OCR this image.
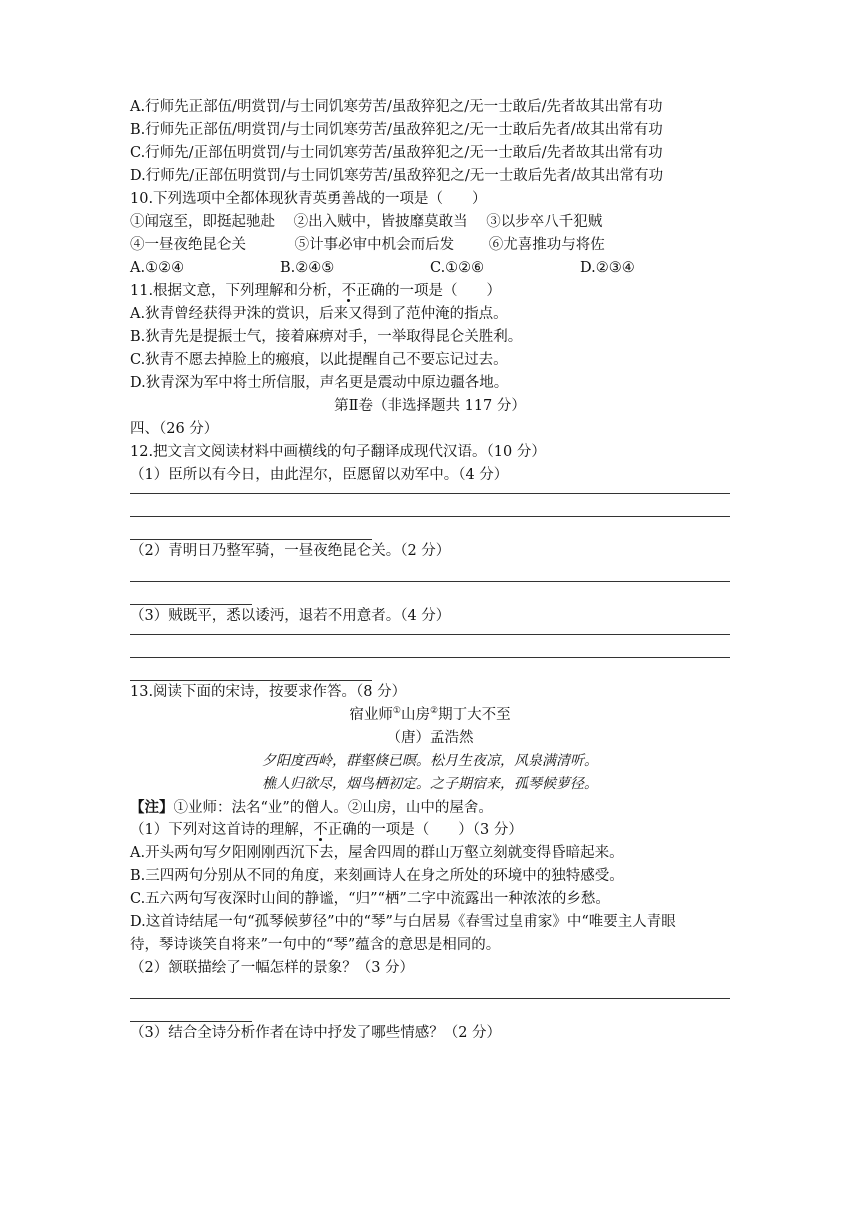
A.行师先正部伍/明赏罚/与士同饥寒劳苦/虽敌猝犯之/无一士敢后/先者故其出常有功
B.行师先正部伍/明赏罚/与士同饥寒劳苦/虽敌猝犯之/无一士敢后先者/故其出常有功
C.行师先/正部伍明赏罚/与士同饥寒劳苦/虽敌猝犯之/无一士敢后/先者故其出常有功
D.行师先/正部伍明赏罚/与士同饥寒劳苦/虽敌猝犯之/无一士敢后先者/故其出常有功
10.下列选项中全都体现狄青英勇善战的一项是（　　）
①闻寇至，即挺起驰赴 ②出入贼中，皆披靡莫敢当 ③以步卒八千犯贼
④一昼夜绝昆仑关	⑤计事必审中机会而后发 ⑥尤喜推功与将佐
A.①②④	B.②④⑤	C.①②⑥	D.②③④
11.根据文意，下列理解和分析，不正确的一项是（　　）
A.狄青曾经获得尹洙的赏识，后来又得到了范仲淹的指点。
B.狄青先是提振士气，接着麻痹对手，一举取得昆仑关胜利。
C.狄青不愿去掉脸上的瘢痕，以此提醒自己不要忘记过去。
D.狄青深为军中将士所信服，声名更是震动中原边疆各地。
第Ⅱ卷（非选择题共 117 分）
四、（26 分）
12.把文言文阅读材料中画横线的句子翻译成现代汉语。（10 分）
（1）臣所以有今日，由此涅尔，臣愿留以劝军中。（4 分）
（2）青明日乃整军骑，一昼夜绝昆仑关。（2 分）
（3）贼既平，悉以诿沔，退若不用意者。（4 分）
13.阅读下面的宋诗，按要求作答。（8 分）
宿业师①山房②期丁大不至
（唐）孟浩然
夕阳度西岭，群壑倏已暝。松月生夜凉，风泉满清听。
樵人归欲尽，烟鸟栖初定。之子期宿来，孤琴候萝径。
【注】①业师：法名“业”的僧人。②山房，山中的屋舍。
（1）下列对这首诗的理解，不正确的一项是（　　）（3 分）
A.开头两句写夕阳刚刚西沉下去，屋舍四周的群山万壑立刻就变得昏暗起来。
B.三四两句分别从不同的角度，来刻画诗人在身之所处的环境中的独特感受。
C.五六两句写夜深时山间的静谧，“归”“栖”二字中流露出一种浓浓的乡愁。
D.这首诗结尾一句“孤琴候萝径”中的“琴”与白居易《春雪过皇甫家》中“唯要主人青眼
待，琴诗谈笑自将来”一句中的“琴”蕴含的意思是相同的。
（2）颔联描绘了一幅怎样的景象？（3 分）
（3）结合全诗分析作者在诗中抒发了哪些情感？（2 分）
